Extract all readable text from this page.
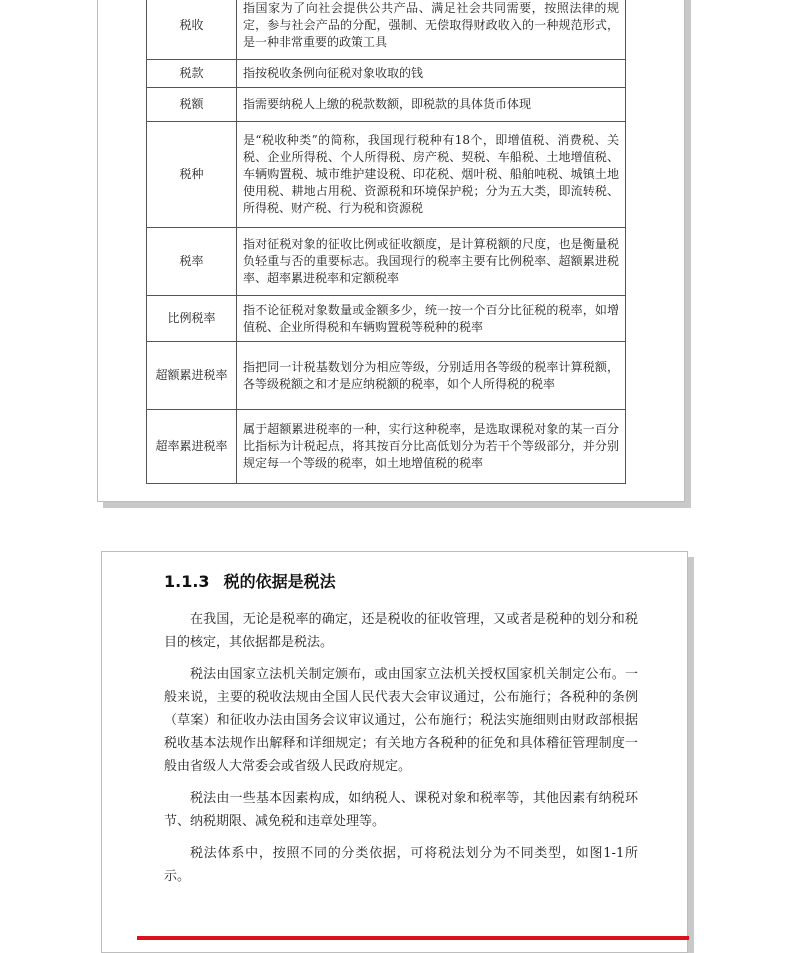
税收	指国家为了向社会提供公共产品、满足社会共同需要，按照法律的规定，参与社会产品的分配，强制、无偿取得财政收入的一种规范形式，是一种非常重要的政策工具
税款	指按税收条例向征税对象收取的钱
税额	指需要纳税人上缴的税款数额，即税款的具体货币体现
税种	是“税收种类”的简称，我国现行税种有18个，即增值税、消费税、关税、企业所得税、个人所得税、房产税、契税、车船税、土地增值税、车辆购置税、城市维护建设税、印花税、烟叶税、船舶吨税、城镇土地使用税、耕地占用税、资源税和环境保护税；分为五大类，即流转税、所得税、财产税、行为税和资源税
税率	指对征税对象的征收比例或征收额度，是计算税额的尺度，也是衡量税负轻重与否的重要标志。我国现行的税率主要有比例税率、超额累进税率、超率累进税率和定额税率
比例税率	指不论征税对象数量或金额多少，统一按一个百分比征税的税率，如增值税、企业所得税和车辆购置税等税种的税率
超额累进税率	指把同一计税基数划分为相应等级，分别适用各等级的税率计算税额，各等级税额之和才是应纳税额的税率，如个人所得税的税率
超率累进税率	属于超额累进税率的一种，实行这种税率，是选取课税对象的某一百分比指标为计税起点，将其按百分比高低划分为若干个等级部分，并分别规定每一个等级的税率，如土地增值税的税率
1.1.3 税的依据是税法

在我国，无论是税率的确定，还是税收的征收管理，又或者是税种的划分和税目的核定，其依据都是税法。

税法由国家立法机关制定颁布，或由国家立法机关授权国家机关制定公布。一般来说，主要的税收法规由全国人民代表大会审议通过，公布施行；各税种的条例（草案）和征收办法由国务会议审议通过，公布施行；税法实施细则由财政部根据税收基本法规作出解释和详细规定；有关地方各税种的征免和具体稽征管理制度一般由省级人大常委会或省级人民政府规定。

税法由一些基本因素构成，如纳税人、课税对象和税率等，其他因素有纳税环节、纳税期限、减免税和违章处理等。

税法体系中，按照不同的分类依据，可将税法划分为不同类型，如图1-1所示。
